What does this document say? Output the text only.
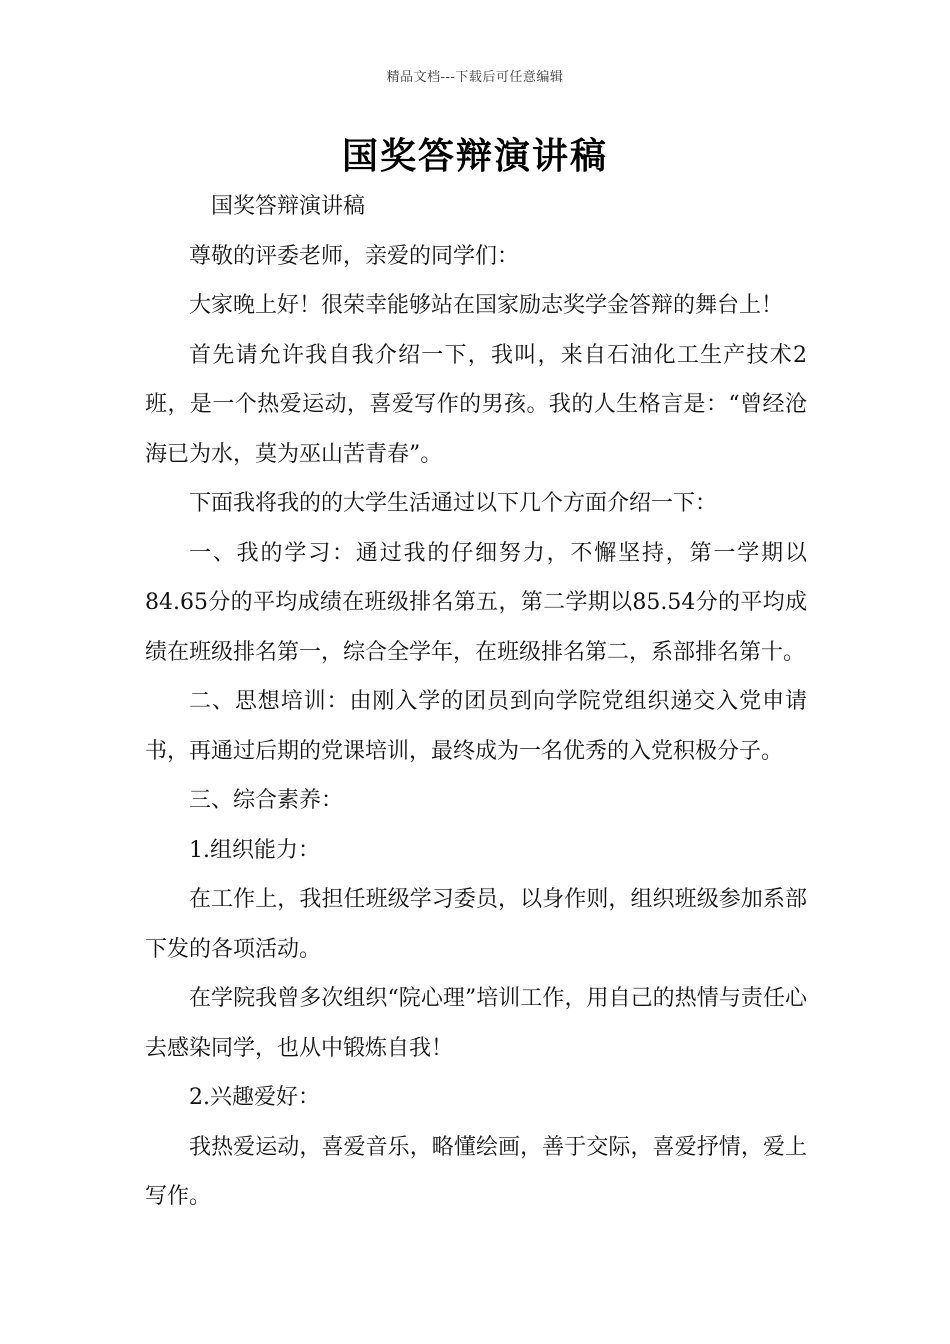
精品文档---下载后可任意编辑
国奖答辩演讲稿

国奖答辩演讲稿

尊敬的评委老师，亲爱的同学们：

大家晚上好！很荣幸能够站在国家励志奖学金答辩的舞台上！

首先请允许我自我介绍一下，我叫，来自石油化工生产技术2班，是一个热爱运动，喜爱写作的男孩。我的人生格言是：“曾经沧海已为水，莫为巫山苦青春”。

下面我将我的的大学生活通过以下几个方面介绍一下：

一、我的学习：通过我的仔细努力，不懈坚持，第一学期以84.65分的平均成绩在班级排名第五，第二学期以85.54分的平均成绩在班级排名第一，综合全学年，在班级排名第二，系部排名第十。

二、思想培训：由刚入学的团员到向学院党组织递交入党申请书，再通过后期的党课培训，最终成为一名优秀的入党积极分子。

三、综合素养：

1.组织能力：

在工作上，我担任班级学习委员，以身作则，组织班级参加系部下发的各项活动。

在学院我曾多次组织“院心理”培训工作，用自己的热情与责任心去感染同学，也从中锻炼自我！

2.兴趣爱好：

我热爱运动，喜爱音乐，略懂绘画，善于交际，喜爱抒情，爱上写作。
